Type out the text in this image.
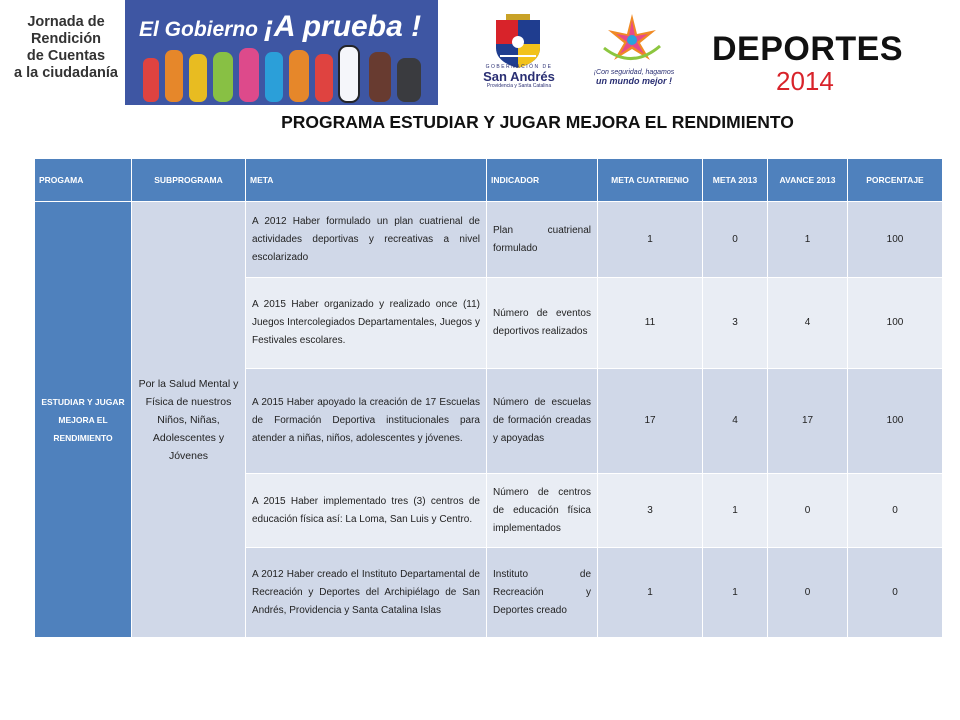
Jornada de
Rendición
de Cuentas
a la ciudadanía
El Gobierno ¡A prueba !
GOBERNACIÓN DE
San Andrés
Providencia y Santa Catalina
¡Con seguridad, hagamos
un mundo mejor !
DEPORTES
2014
PROGRAMA ESTUDIAR Y JUGAR MEJORA EL RENDIMIENTO
PROGAMA	SUBPROGRAMA	META	INDICADOR	META CUATRIENIO	META 2013	AVANCE 2013	PORCENTAJE
ESTUDIAR Y JUGAR MEJORA EL RENDIMIENTO	Por la Salud Mental y Física de nuestros Niños, Niñas, Adolescentes y Jóvenes	A 2012 Haber formulado un plan cuatrienal de actividades deportivas y recreativas a nivel escolarizado	Plan cuatrienal formulado	1	0	1	100
		A 2015 Haber organizado y realizado once (11) Juegos Intercolegiados Departamentales, Juegos y Festivales escolares.	Número de eventos deportivos realizados	11	3	4	100
		A 2015 Haber apoyado la creación de 17 Escuelas de Formación Deportiva institucionales para atender a niñas, niños, adolescentes y jóvenes.	Número de escuelas de formación creadas y apoyadas	17	4	17	100
		A 2015 Haber implementado tres (3) centros de educación física así: La Loma, San Luis y Centro.	Número de centros de educación física implementados	3	1	0	0
		A 2012 Haber creado el Instituto Departamental de Recreación y Deportes del Archipiélago de San Andrés, Providencia y Santa Catalina Islas	Instituto de Recreación y Deportes creado	1	1	0	0
